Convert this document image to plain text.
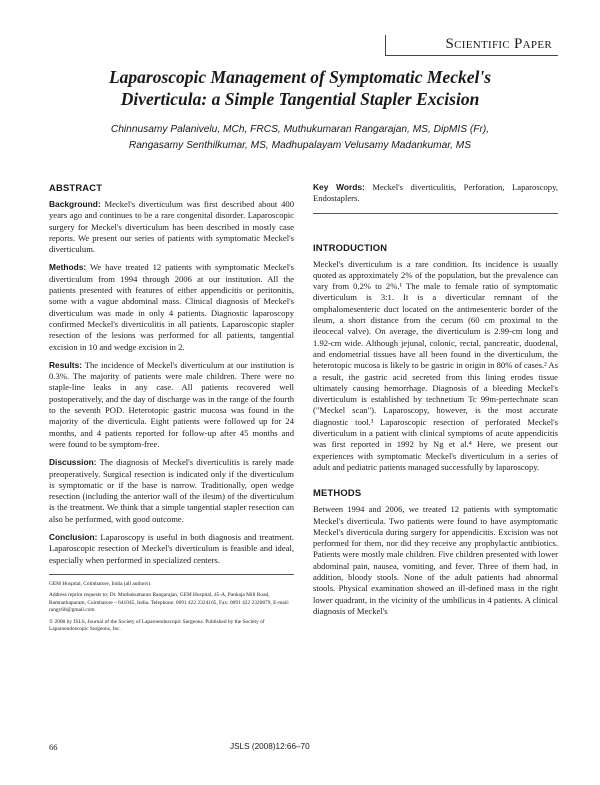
Scientific Paper
Laparoscopic Management of Symptomatic Meckel's
Diverticula: a Simple Tangential Stapler Excision
Chinnusamy Palanivelu, MCh, FRCS, Muthukumaran Rangarajan, MS, DipMIS (Fr),
Rangasamy Senthilkumar, MS, Madhupalayam Velusamy Madankumar, MS
ABSTRACT

Background: Meckel's diverticulum was first described about 400 years ago and continues to be a rare congenital disorder. Laparoscopic surgery for Meckel's diverticulum has been described in mostly case reports. We present our series of patients with symptomatic Meckel's diverticulum.

Methods: We have treated 12 patients with symptomatic Meckel's diverticulum from 1994 through 2006 at our institution. All the patients presented with features of either appendicitis or peritonitis, some with a vague abdominal mass. Clinical diagnosis of Meckel's diverticulum was made in only 4 patients. Diagnostic laparoscopy confirmed Meckel's diverticulitis in all patients. Laparoscopic stapler resection of the lesions was performed for all patients, tangential excision in 10 and wedge excision in 2.

Results: The incidence of Meckel's diverticulum at our institution is 0.3%. The majority of patients were male children. There were no staple-line leaks in any case. All patients recovered well postoperatively, and the day of discharge was in the range of the fourth to the seventh POD. Heterotopic gastric mucosa was found in the majority of the diverticula. Eight patients were followed up for 24 months, and 4 patients reported for follow-up after 45 months and were found to be symptom-free.

Discussion: The diagnosis of Meckel's diverticulitis is rarely made preoperatively. Surgical resection is indicated only if the diverticulum is symptomatic or if the base is narrow. Traditionally, open wedge resection (including the anterior wall of the ileum) of the diverticulum is the treatment. We think that a simple tangential stapler resection can also be performed, with good outcome.

Conclusion: Laparoscopy is useful in both diagnosis and treatment. Laparoscopic resection of Meckel's diverticulum is feasible and ideal, especially when performed in specialized centers.

GEM Hospital, Coimbatore, India (all authors).

Address reprint requests to: Dr. Muthukumaran Rangarajan, GEM Hospital, 45-A, Pankaja Mill Road, Ramnathapuram, Coimbatore – 641045, India. Telephone: 0091 422 2324105, Fax: 0091 422 2320879, E-mail: rangy68@gmail.com

© 2008 by JSLS, Journal of the Society of Laparoendoscopic Surgeons. Published by the Society of Laparoendoscopic Surgeons, Inc.

Key Words: Meckel's diverticulitis, Perforation, Laparoscopy, Endostaplers.

INTRODUCTION

Meckel's diverticulum is a rare condition. Its incidence is usually quoted as approximately 2% of the population, but the prevalence can vary from 0.2% to 2%.¹ The male to female ratio of symptomatic diverticulum is 3:1. It is a diverticular remnant of the omphalomesenteric duct located on the antimesenteric border of the ileum, a short distance from the cecum (60 cm proximal to the ileocecal valve). On average, the diverticulum is 2.99-cm long and 1.92-cm wide. Although jejunal, colonic, rectal, pancreatic, duodenal, and endometrial tissues have all been found in the diverticulum, the heterotopic mucosa is likely to be gastric in origin in 80% of cases.² As a result, the gastric acid secreted from this lining erodes tissue ultimately causing hemorrhage. Diagnosis of a bleeding Meckel's diverticulum is established by technetium Tc 99m-pertechnate scan ("Meckel scan"). Laparoscopy, however, is the most accurate diagnostic tool.³ Laparoscopic resection of perforated Meckel's diverticulum in a patient with clinical symptoms of acute appendicitis was first reported in 1992 by Ng et al.⁴ Here, we present our experiences with symptomatic Meckel's diverticulum in a series of adult and pediatric patients managed successfully by laparoscopy.

METHODS

Between 1994 and 2006, we treated 12 patients with symptomatic Meckel's diverticula. Two patients were found to have asymptomatic Meckel's diverticula during surgery for appendicitis. Excision was not performed for them, nor did they receive any prophylactic antibiotics. Patients were mostly male children. Five children presented with lower abdominal pain, nausea, vomiting, and fever. Three of them had, in addition, bloody stools. None of the adult patients had abnormal stools. Physical examination showed an ill-defined mass in the right lower quadrant, in the vicinity of the umbilicus in 4 patients. A clinical diagnosis of Meckel's

66	JSLS (2008)12:66–70
